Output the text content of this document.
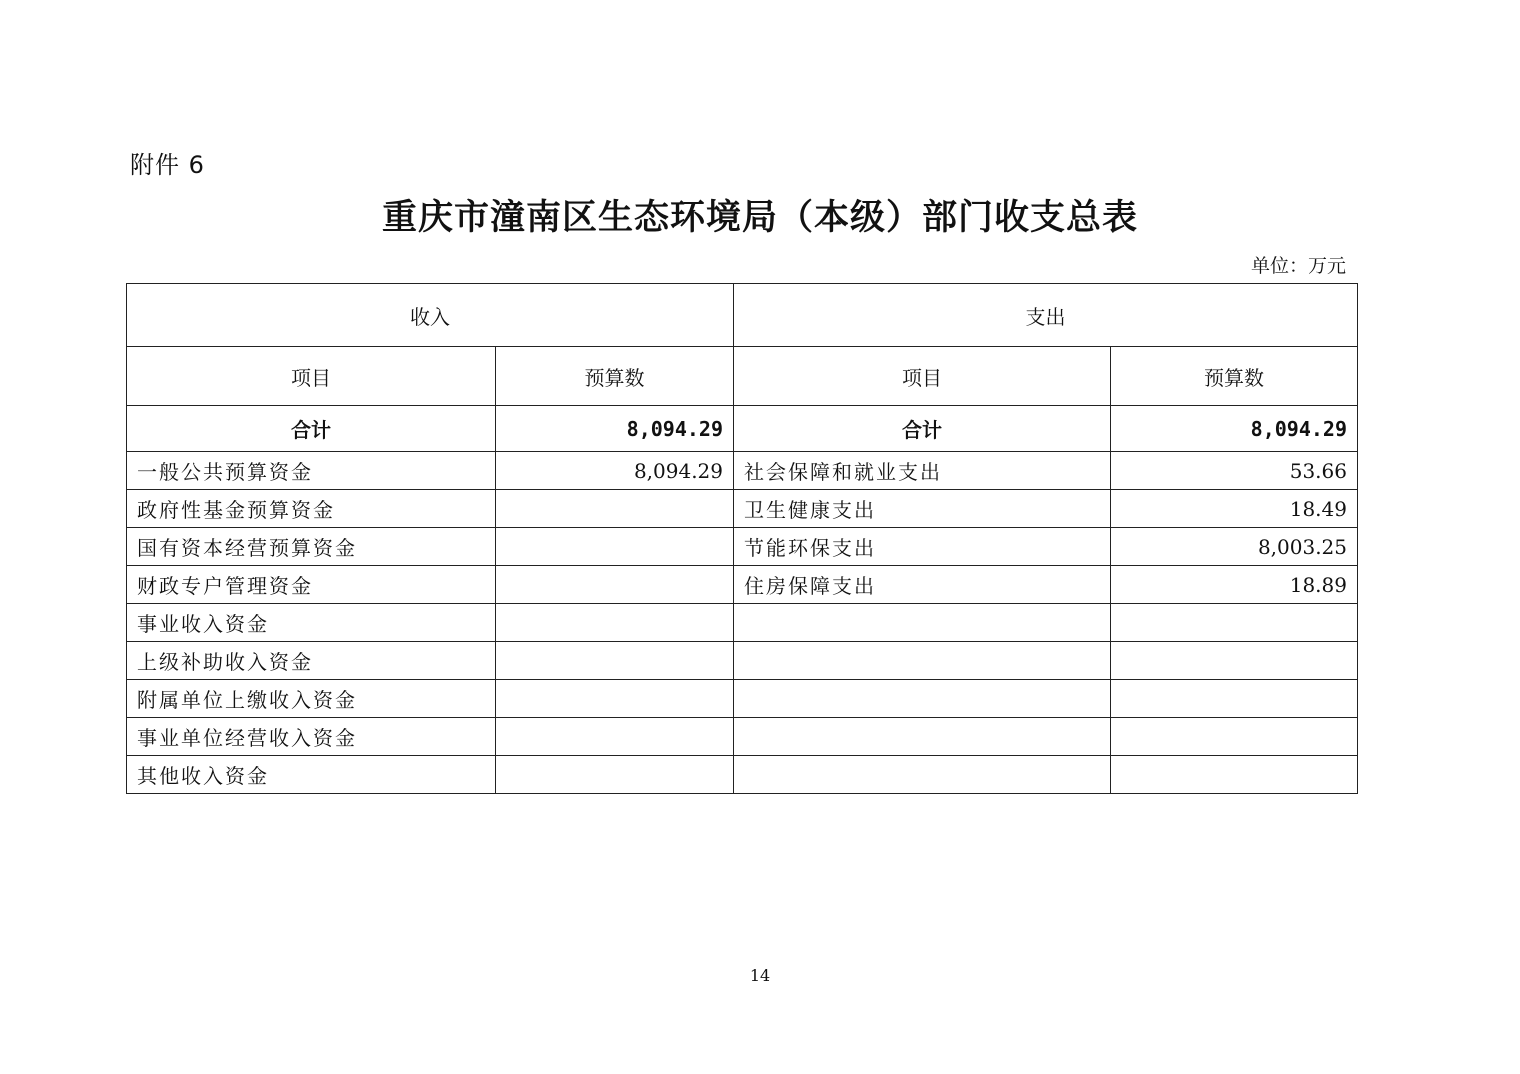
附件 6
重庆市潼南区生态环境局（本级）部门收支总表
单位：万元
收入		支出	
项目	预算数	项目	预算数
合计	8,094.29	合计	8,094.29
一般公共预算资金	8,094.29	社会保障和就业支出	53.66
政府性基金预算资金		卫生健康支出	18.49
国有资本经营预算资金		节能环保支出	8,003.25
财政专户管理资金		住房保障支出	18.89
事业收入资金			
上级补助收入资金			
附属单位上缴收入资金			
事业单位经营收入资金			
其他收入资金			
14
